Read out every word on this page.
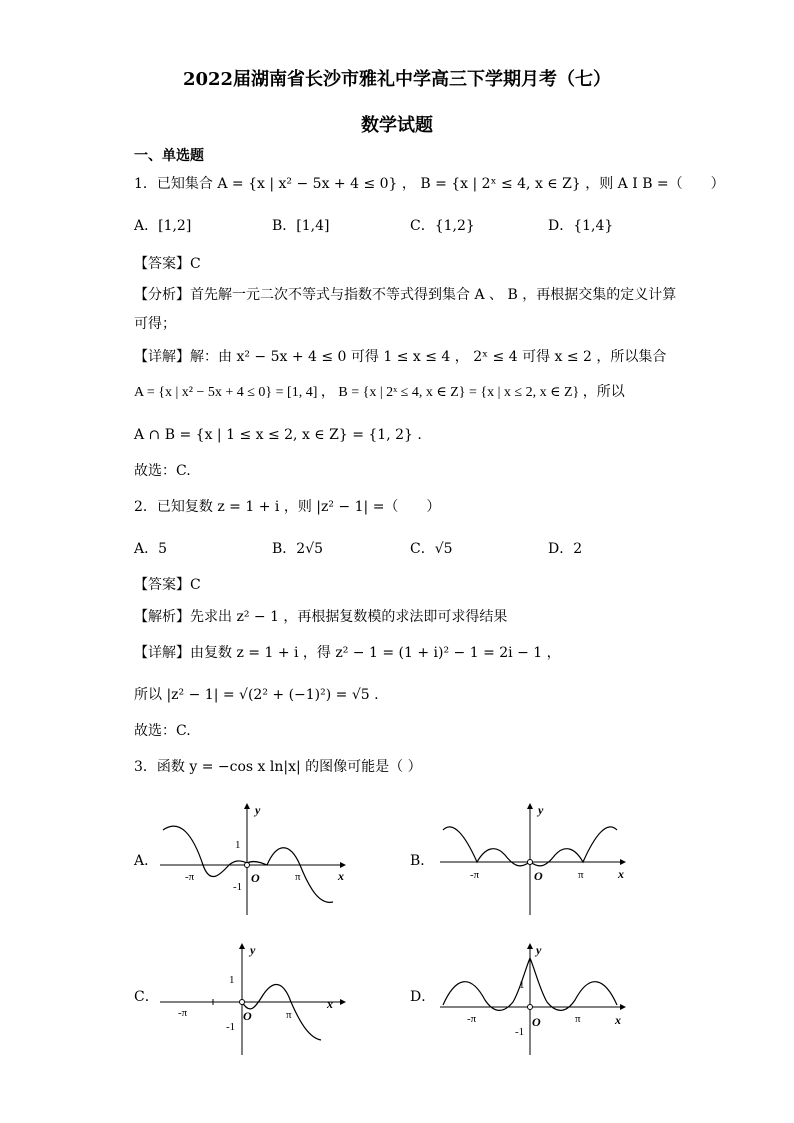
2022届湖南省长沙市雅礼中学高三下学期月考（七）
数学试题
一、单选题
1．已知集合 A = {x | x² − 5x + 4 ≤ 0} ， B = {x | 2ˣ ≤ 4, x ∈ Z} ，则 A I B =（　　）
A．[1,2]	B．[1,4]	C．{1,2}	D．{1,4}
【答案】C
【分析】首先解一元二次不等式与指数不等式得到集合 A 、 B ，再根据交集的定义计算
可得；
【详解】解：由 x² − 5x + 4 ≤ 0 可得 1 ≤ x ≤ 4 ， 2ˣ ≤ 4 可得 x ≤ 2 ，所以集合
A = {x | x² − 5x + 4 ≤ 0} = [1, 4] ， B = {x | 2ˣ ≤ 4, x ∈ Z} = {x | x ≤ 2, x ∈ Z} ，所以
A ∩ B = {x | 1 ≤ x ≤ 2, x ∈ Z} = {1, 2} .
故选：C.
2．已知复数 z = 1 + i ，则 |z² − 1| =（　　）
A．5	B．2√5	C．√5	D．2
【答案】C
【解析】先求出 z² − 1 ，再根据复数模的求法即可求得结果
【详解】由复数 z = 1 + i ，得 z² − 1 = (1 + i)² − 1 = 2i − 1 ，
所以 |z² − 1| = √(2² + (−1)²) = √5 .
故选：C.
3．函数 y = −cos x ln|x| 的图像可能是（ ）
A．	B．
C．	D．
y
x
O
1
-1
-π	π
y
x
O
-π	π
y
x
O
1
-1
-π	π
y
x
O
1
-1
-π	π
